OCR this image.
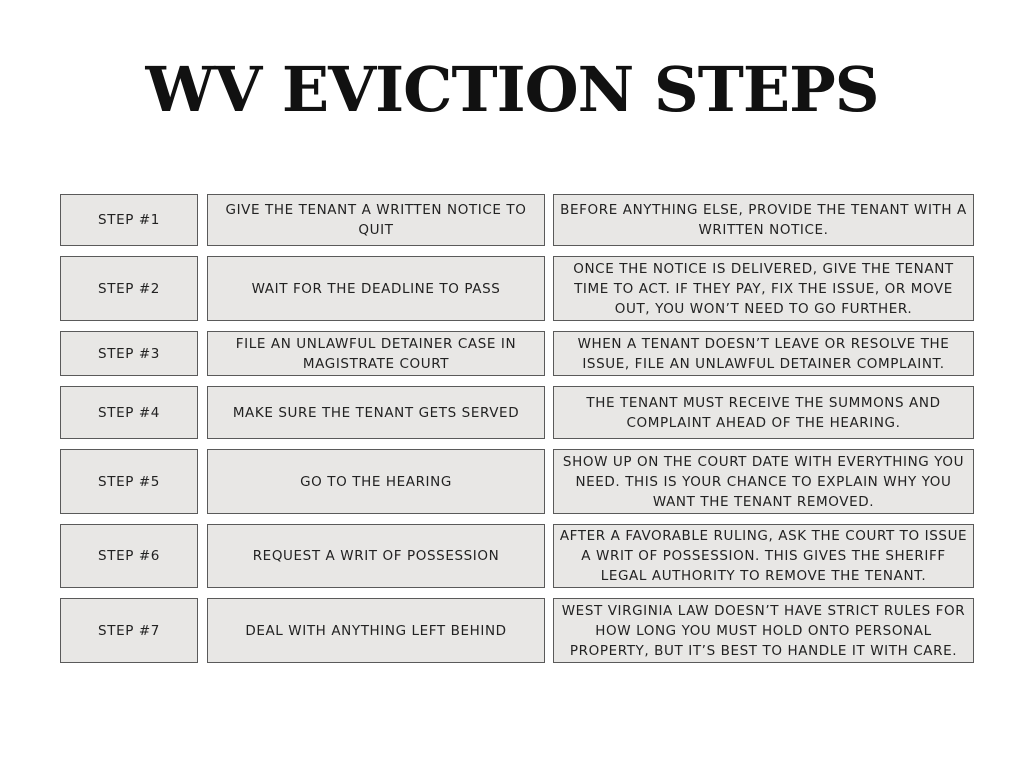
WV EVICTION STEPS
STEP #1
GIVE THE TENANT A WRITTEN NOTICE TO QUIT
BEFORE ANYTHING ELSE, PROVIDE THE TENANT WITH A WRITTEN NOTICE.
STEP #2	WAIT FOR THE DEADLINE TO PASS
ONCE THE NOTICE IS DELIVERED, GIVE THE TENANT TIME TO ACT. IF THEY PAY, FIX THE ISSUE, OR MOVE OUT, YOU WON’T NEED TO GO FURTHER.
STEP #3
FILE AN UNLAWFUL DETAINER CASE IN MAGISTRATE COURT
WHEN A TENANT DOESN’T LEAVE OR RESOLVE THE ISSUE, FILE AN UNLAWFUL DETAINER COMPLAINT.
STEP #4	MAKE SURE THE TENANT GETS SERVED
THE TENANT MUST RECEIVE THE SUMMONS AND COMPLAINT AHEAD OF THE HEARING.
STEP #5	GO TO THE HEARING
SHOW UP ON THE COURT DATE WITH EVERYTHING YOU NEED. THIS IS YOUR CHANCE TO EXPLAIN WHY YOU WANT THE TENANT REMOVED.
STEP #6	REQUEST A WRIT OF POSSESSION
AFTER A FAVORABLE RULING, ASK THE COURT TO ISSUE A WRIT OF POSSESSION. THIS GIVES THE SHERIFF LEGAL AUTHORITY TO REMOVE THE TENANT.
STEP #7	DEAL WITH ANYTHING LEFT BEHIND
WEST VIRGINIA LAW DOESN’T HAVE STRICT RULES FOR HOW LONG YOU MUST HOLD ONTO PERSONAL PROPERTY, BUT IT’S BEST TO HANDLE IT WITH CARE.
